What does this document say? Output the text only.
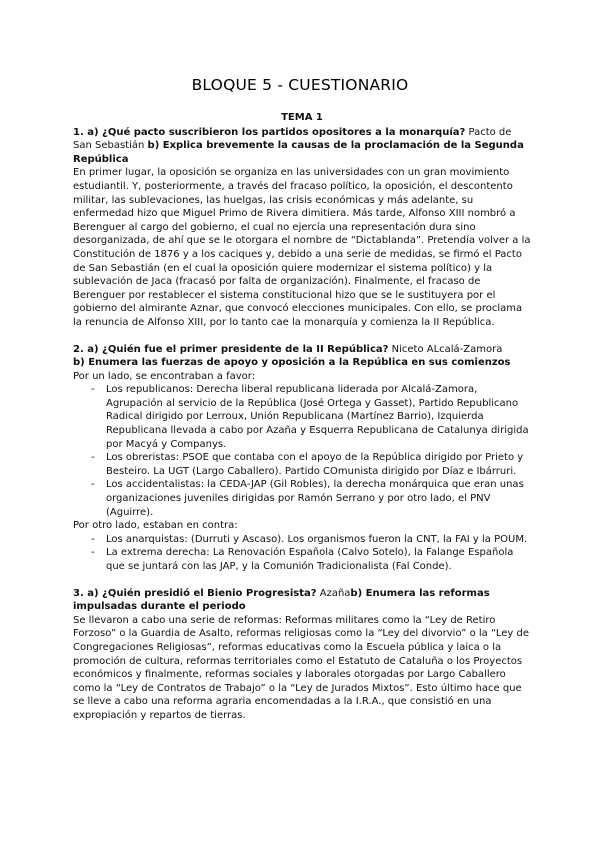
BLOQUE 5 - CUESTIONARIO
TEMA 1

1. a) ¿Qué pacto suscribieron los partidos opositores a la monarquía? Pacto de San Sebastián b) Explica brevemente la causas de la proclamación de la Segunda República

En primer lugar, la oposición se organiza en las universidades con un gran movimiento estudiantil. Y, posteriormente, a través del fracaso político, la oposición, el descontento militar, las sublevaciones, las huelgas, las crisis económicas y más adelante, su enfermedad hizo que Miguel Primo de Rivera dimitiera. Más tarde, Alfonso XIII nombró a Berenguer al cargo del gobierno, el cual no ejercía una representación dura sino desorganizada, de ahí que se le otorgara el nombre de “Dictablanda”. Pretendía volver a la Constitución de 1876 y a los caciques y, debido a una serie de medidas, se firmó el Pacto de San Sebastián (en el cual la oposición quiere modernizar el sistema político) y la sublevación de Jaca (fracasó por falta de organización). Finalmente, el fracaso de Berenguer por restablecer el sistema constitucional hizo que se le sustituyera por el gobierno del almirante Aznar, que convocó elecciones municipales. Con ello, se proclama la renuncia de Alfonso XIII, por lo tanto cae la monarquía y comienza la II República.

2. a) ¿Quién fue el primer presidente de la II República? Niceto ALcalá-Zamora

b) Enumera las fuerzas de apoyo y oposición a la República en sus comienzos

Por un lado, se encontraban a favor:

- Los republicanos: Derecha liberal republicana liderada por Alcalá-Zamora, Agrupación al servicio de la República (José Ortega y Gasset), Partido Republicano Radical dirigido por Lerroux, Unión Republicana (Martínez Barrio), Izquierda Republicana llevada a cabo por Azaña y Esquerra Republicana de Catalunya dirigida por Macyá y Companys.
- Los obreristas: PSOE que contaba con el apoyo de la República dirigido por Prieto y Besteiro. La UGT (Largo Caballero). Partido COmunista dirigido por Díaz e Ibárruri.
- Los accidentalistas: la CEDA-JAP (Gil Robles), la derecha monárquica que eran unas organizaciones juveniles dirigidas por Ramón Serrano y por otro lado, el PNV (Aguirre).

Por otro lado, estaban en contra:

- Los anarquistas: (Durruti y Ascaso). Los organismos fueron la CNT, la FAI y la POUM.
- La extrema derecha: La Renovación Española (Calvo Sotelo), la Falange Española que se juntará con las JAP, y la Comunión Tradicionalista (Fal Conde).

3. a) ¿Quién presidió el Bienio Progresista? Azañab) Enumera las reformas impulsadas durante el periodo

Se llevaron a cabo una serie de reformas: Reformas militares como la “Ley de Retiro Forzoso” o la Guardia de Asalto, reformas religiosas como la “Ley del divorvio” o la “Ley de Congregaciones Religiosas”, reformas educativas como la Escuela pública y laica o la promoción de cultura, reformas territoriales como el Estatuto de Cataluña o los Proyectos económicos y finalmente, reformas sociales y laborales otorgadas por Largo Caballero como la “Ley de Contratos de Trabajo” o la “Ley de Jurados Mixtos”. Esto último hace que se lleve a cabo una reforma agraria encomendadas a la I.R.A., que consistió en una expropiación y repartos de tierras.
